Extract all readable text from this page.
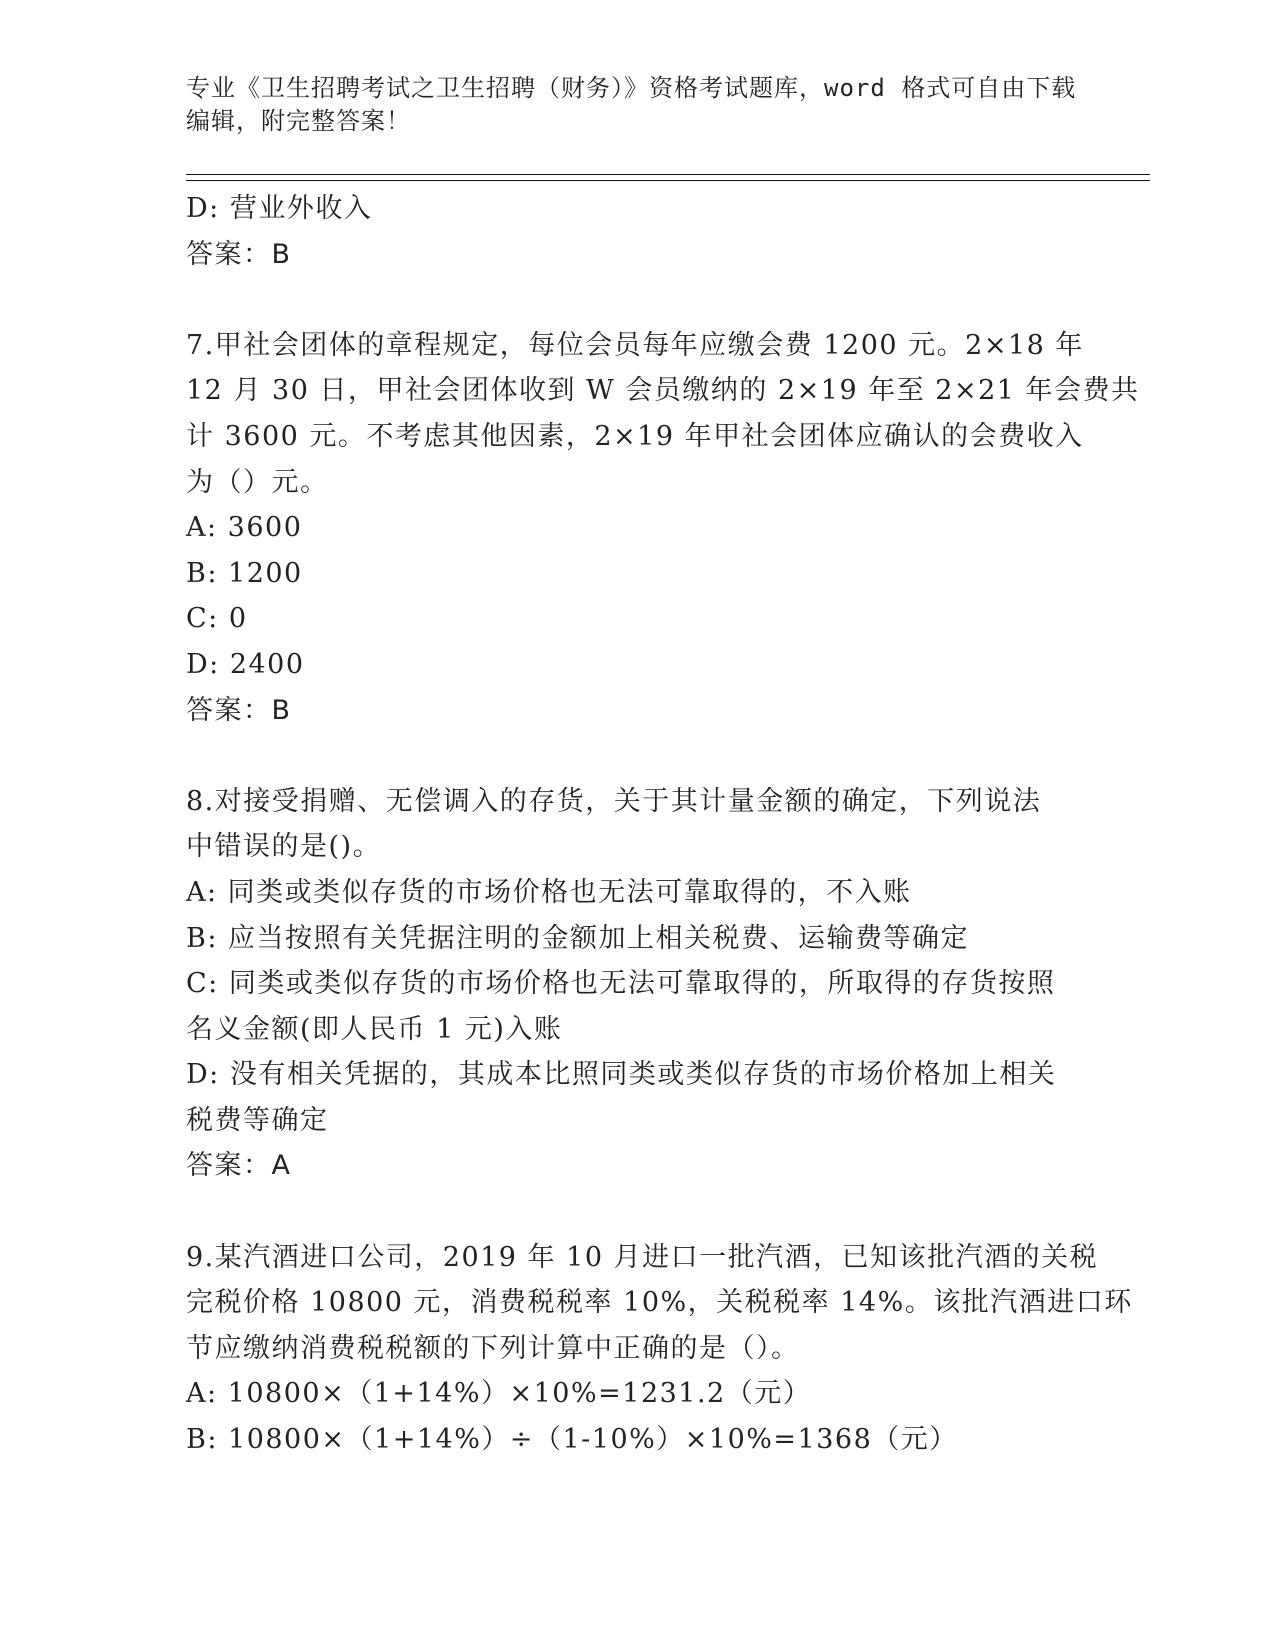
专业《卫生招聘考试之卫生招聘（财务）》资格考试题库，word 格式可自由下载
编辑，附完整答案！

D: 营业外收入

答案：B

7.甲社会团体的章程规定，每位会员每年应缴会费 1200 元。2×18 年

12 月 30 日，甲社会团体收到 W 会员缴纳的 2×19 年至 2×21 年会费共

计 3600 元。不考虑其他因素，2×19 年甲社会团体应确认的会费收入

为（）元。

A: 3600

B: 1200

C: 0

D: 2400

答案：B

8.对接受捐赠、无偿调入的存货，关于其计量金额的确定，下列说法

中错误的是()。

A: 同类或类似存货的市场价格也无法可靠取得的，不入账

B: 应当按照有关凭据注明的金额加上相关税费、运输费等确定

C: 同类或类似存货的市场价格也无法可靠取得的，所取得的存货按照

名义金额(即人民币 1 元)入账

D: 没有相关凭据的，其成本比照同类或类似存货的市场价格加上相关

税费等确定

答案：A

9.某汽酒进口公司，2019 年 10 月进口一批汽酒，已知该批汽酒的关税

完税价格 10800 元，消费税税率 10%，关税税率 14%。该批汽酒进口环

节应缴纳消费税税额的下列计算中正确的是（）。

A: 10800×（1+14%）×10%=1231.2（元）

B: 10800×（1+14%）÷（1-10%）×10%=1368（元）
